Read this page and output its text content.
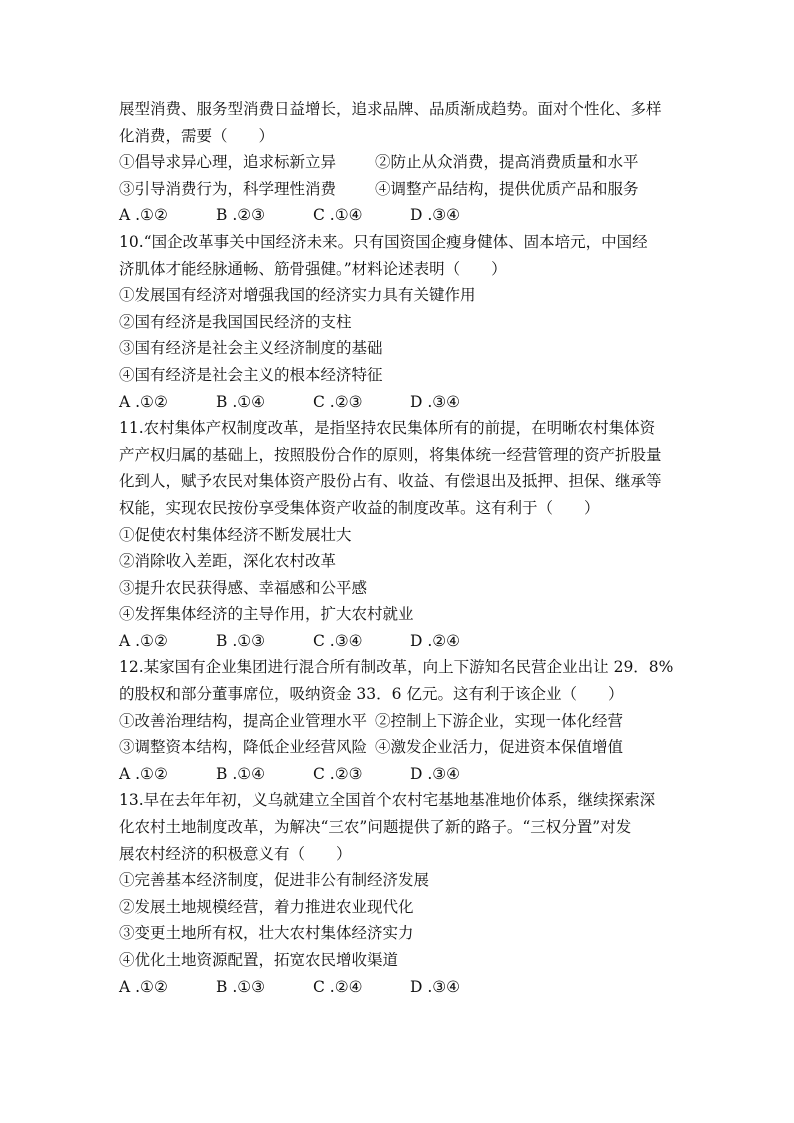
展型消费、服务型消费日益增长，追求品牌、品质渐成趋势。面对个性化、多样
化消费，需要（　　）
①倡导求异心理，追求标新立异	②防止从众消费，提高消费质量和水平
③引导消费行为，科学理性消费	④调整产品结构，提供优质产品和服务
A .①②	B .②③	C .①④	D .③④
10.“国企改革事关中国经济未来。只有国资国企瘦身健体、固本培元，中国经
济肌体才能经脉通畅、筋骨强健。”材料论述表明（　　）
①发展国有经济对增强我国的经济实力具有关键作用
②国有经济是我国国民经济的支柱
③国有经济是社会主义经济制度的基础
④国有经济是社会主义的根本经济特征
A .①②	B .①④	C .②③	D .③④
11.农村集体产权制度改革，是指坚持农民集体所有的前提，在明晰农村集体资
产产权归属的基础上，按照股份合作的原则，将集体统一经营管理的资产折股量
化到人，赋予农民对集体资产股份占有、收益、有偿退出及抵押、担保、继承等
权能，实现农民按份享受集体资产收益的制度改革。这有利于（　　）
①促使农村集体经济不断发展壮大
②消除收入差距，深化农村改革
③提升农民获得感、幸福感和公平感
④发挥集体经济的主导作用，扩大农村就业
A .①②	B .①③	C .③④	D .②④
12.某家国有企业集团进行混合所有制改革，向上下游知名民营企业出让 29．8%
的股权和部分董事席位，吸纳资金 33．6 亿元。这有利于该企业（　　）
①改善治理结构，提高企业管理水平 ②控制上下游企业，实现一体化经营
③调整资本结构，降低企业经营风险 ④激发企业活力，促进资本保值增值
A .①②	B .①④	C .②③	D .③④
13.早在去年年初，义乌就建立全国首个农村宅基地基准地价体系，继续探索深
化农村土地制度改革，为解决“三农”问题提供了新的路子。“三权分置”对发
展农村经济的积极意义有（　　）
①完善基本经济制度，促进非公有制经济发展
②发展土地规模经营，着力推进农业现代化
③变更土地所有权，壮大农村集体经济实力
④优化土地资源配置，拓宽农民增收渠道
A .①②	B .①③	C .②④	D .③④
